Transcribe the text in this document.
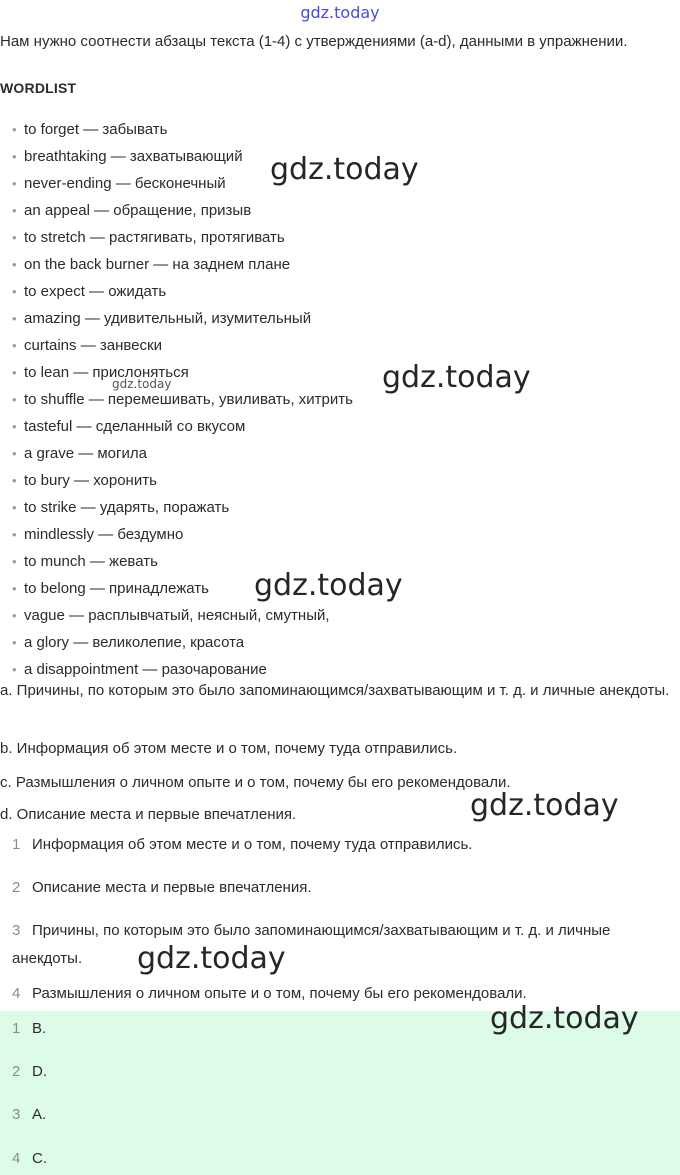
gdz.today
Нам нужно соотнести абзацы текста (1-4) с утверждениями (a-d), данными в упражнении.
WORDLIST
• to forget — забывать
• breathtaking — захватывающий
• never-ending — бесконечный
• an appeal — обращение, призыв
• to stretch — растягивать, протягивать
• on the back burner — на заднем плане
• to expect — ожидать
• amazing — удивительный, изумительный
• curtains — занвески
• to lean — прислоняться
• to shuffle — перемешивать, увиливать, хитрить
• tasteful — сделанный со вкусом
• a grave — могила
• to bury — хоронить
• to strike — ударять, поражать
• mindlessly — бездумно
• to munch — жевать
• to belong — принадлежать
• vague — расплывчатый, неясный, смутный,
• a glory — великолепие, красота
• a disappointment — разочарование
a. Причины, по которым это было запоминающимся/захватывающим и т. д. и личные анекдоты.
b. Информация об этом месте и о том, почему туда отправились.
c. Размышления о личном опыте и о том, почему бы его рекомендовали.
d. Описание места и первые впечатления.
1 Информация об этом месте и о том, почему туда отправились.
2 Описание места и первые впечатления.
3 Причины, по которым это было запоминающимся/захватывающим и т. д. и личные анекдоты.
4 Размышления о личном опыте и о том, почему бы его рекомендовали.
1 B.
2 D.
3 A.
4 C.
gdz.today
gdz.today
gdz.today
gdz.today
gdz.today
gdz.today
gdz.today
